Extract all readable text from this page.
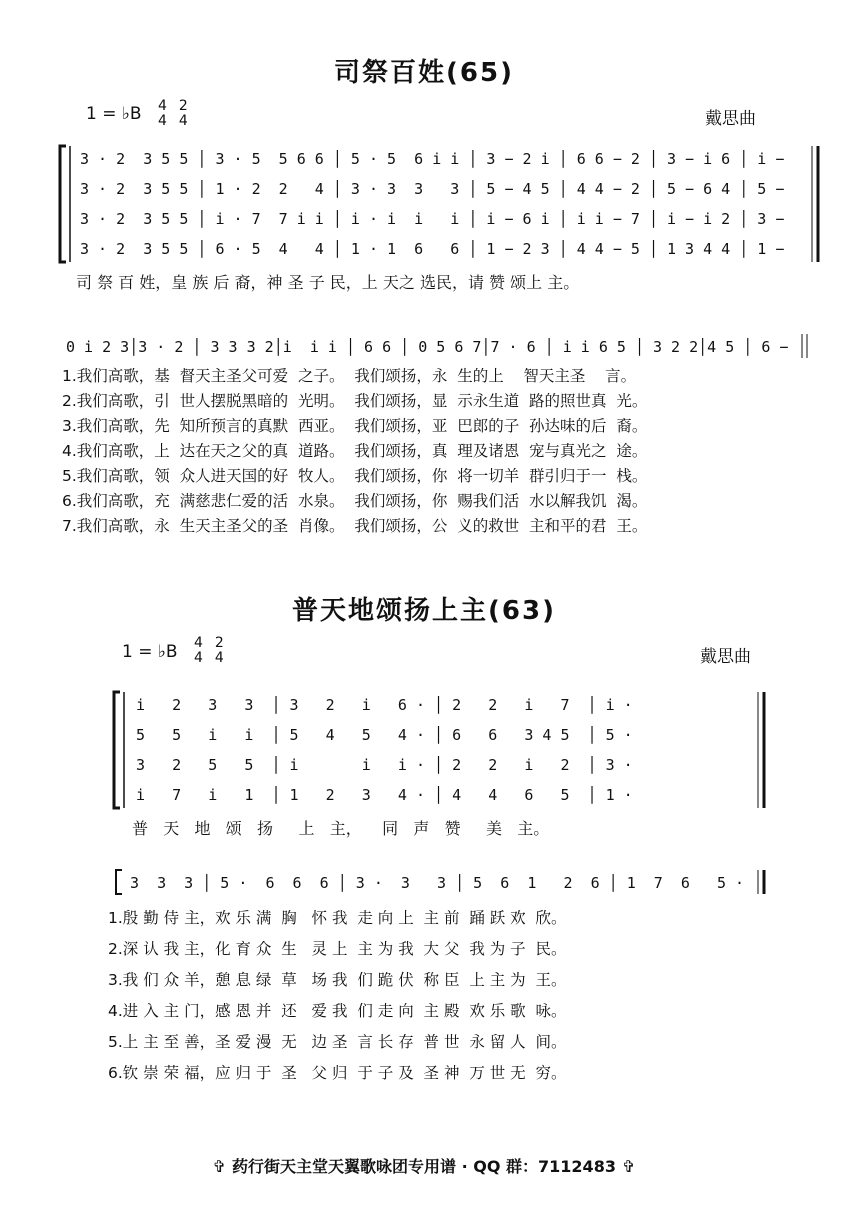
司祭百姓(65)
1 = ♭B 4
4
2
4	戴思曲
3 · 2  3 5 5 │ 3 · 5  5 6 6 │ 5 · 5  6 i i │ 3 − 2 i │ 6 6 − 2 │ 3 − i 6 │ i −
3 · 2  3 5 5 │ 1 · 2  2   4 │ 3 · 3  3   3 │ 5 − 4 5 │ 4 4 − 2 │ 5 − 6 4 │ 5 −
3 · 2  3 5 5 │ i · 7  7 i i │ i · i  i   i │ i − 6 i │ i i − 7 │ i − i 2 │ 3 −
3 · 2  3 5 5 │ 6 · 5  4   4 │ 1 · 1  6   6 │ 1 − 2 3 │ 4 4 − 5 │ 1 3 4 4 │ 1 −
司 祭 百 姓，皇 族 后 裔，神 圣 子 民，上 天之 选民，请 赞 颂上 主。
0 i 2 3│3 · 2 │ 3 3 3 2│i  i i │ 6 6 │ 0 5 6 7│7 · 6 │ i i 6 5 │ 3 2 2│4 5 │ 6 −
1.我们高歌，基  督天主圣父可爱  之子。  我们颂扬，永  生的上    智天主圣    言。
2.我们高歌，引  世人摆脱黑暗的  光明。  我们颂扬，显  示永生道  路的照世真  光。
3.我们高歌，先  知所预言的真默  西亚。  我们颂扬，亚  巴郎的子  孙达味的后  裔。
4.我们高歌，上  达在天之父的真  道路。  我们颂扬，真  理及诸恩  宠与真光之  途。
5.我们高歌，领  众人进天国的好  牧人。  我们颂扬，你  将一切羊  群引归于一  栈。
6.我们高歌，充  满慈悲仁爱的活  水泉。  我们颂扬，你  赐我们活  水以解我饥  渴。
7.我们高歌，永  生天主圣父的圣  肖像。  我们颂扬，公  义的救世  主和平的君  王。
普天地颂扬上主(63)
1 = ♭B 4
4
2
4	戴思曲
i   2   3   3  │ 3   2   i   6 · │ 2   2   i   7  │ i ·
5   5   i   i  │ 5   4   5   4 · │ 6   6   3 4 5  │ 5 ·
3   2   5   5  │ i       i   i · │ 2   2   i   2  │ 3 ·
i   7   i   1  │ 1   2   3   4 · │ 4   4   6   5  │ 1 ·
普   天   地   颂   扬     上   主，    同   声   赞     美   主。
3  3  3 │ 5 ·  6  6  6 │ 3 ·  3   3 │ 5  6  1   2  6 │ 1  7  6   5 ·
1.殷 勤 侍 主，欢 乐 满  胸   怀 我  走 向 上  主 前  踊 跃 欢  欣。
2.深 认 我 主，化 育 众  生   灵 上  主 为 我  大 父  我 为 子  民。
3.我 们 众 羊，憩 息 绿  草   场 我  们 跪 伏  称 臣  上 主 为  王。
4.进 入 主 门，感 恩 并  还   爱 我  们 走 向  主 殿  欢 乐 歌  咏。
5.上 主 至 善，圣 爱 漫  无   边 圣  言 长 存  普 世  永 留 人  间。
6.钦 崇 荣 福，应 归 于  圣   父 归  于 子 及  圣 神  万 世 无  穷。
✞ 药行街天主堂天翼歌咏团专用谱 · QQ 群：7112483 ✞
